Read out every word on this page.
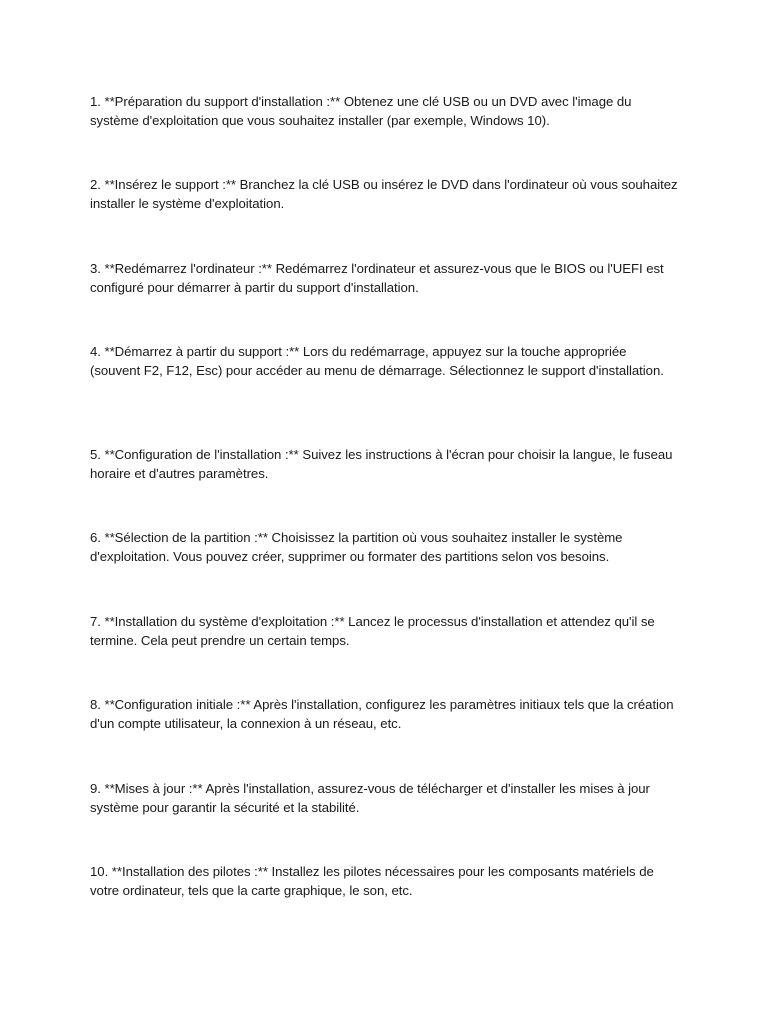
1. **Préparation du support d'installation :** Obtenez une clé USB ou un DVD avec l'image du système d'exploitation que vous souhaitez installer (par exemple, Windows 10).

2. **Insérez le support :** Branchez la clé USB ou insérez le DVD dans l'ordinateur où vous souhaitez installer le système d'exploitation.

3. **Redémarrez l'ordinateur :** Redémarrez l'ordinateur et assurez-vous que le BIOS ou l'UEFI est configuré pour démarrer à partir du support d'installation.

4. **Démarrez à partir du support :** Lors du redémarrage, appuyez sur la touche appropriée (souvent F2, F12, Esc) pour accéder au menu de démarrage. Sélectionnez le support d'installation.

5. **Configuration de l'installation :** Suivez les instructions à l'écran pour choisir la langue, le fuseau horaire et d'autres paramètres.

6. **Sélection de la partition :** Choisissez la partition où vous souhaitez installer le système d'exploitation. Vous pouvez créer, supprimer ou formater des partitions selon vos besoins.

7. **Installation du système d'exploitation :** Lancez le processus d'installation et attendez qu'il se termine. Cela peut prendre un certain temps.

8. **Configuration initiale :** Après l'installation, configurez les paramètres initiaux tels que la création d'un compte utilisateur, la connexion à un réseau, etc.

9. **Mises à jour :** Après l'installation, assurez-vous de télécharger et d'installer les mises à jour système pour garantir la sécurité et la stabilité.

10. **Installation des pilotes :** Installez les pilotes nécessaires pour les composants matériels de votre ordinateur, tels que la carte graphique, le son, etc.
